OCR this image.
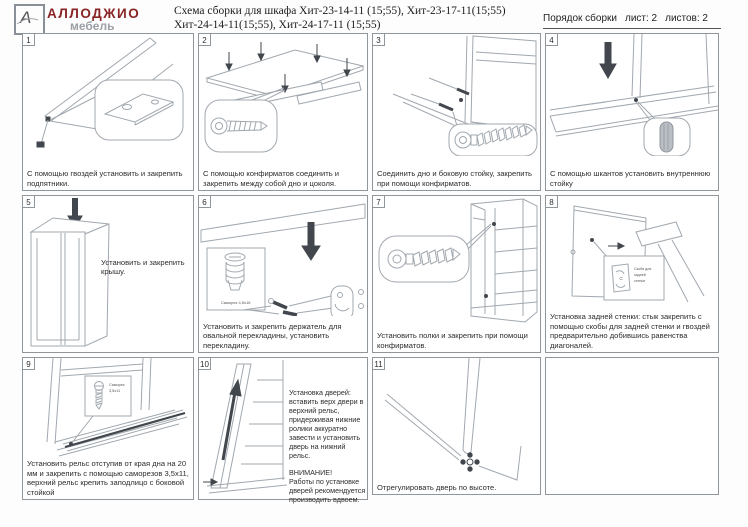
А АЛЛОДЖИО
мебель
Схема сборки для шкафа Хит-23-14-11 (15;55), Хит-23-17-11(15;55)
Хит-24-14-11(15;55), Хит-24-17-11 (15;55)
Порядок сборки лист: 2 листов: 2
1
С помощью гвоздей установить и закрепить подпятники.
2
С помощью конфирматов соединить и закрепить между собой дно и цоколя.
3
Соединить дно и боковую стойку, закрепить при помощи конфирматов.
4
С помощью шкантов установить внутреннюю стойку
5
Установить и закрепить крышу.
6
Саморез 4,5х16
Установить и закрепить держатель для овальной перекладины, установить перекладину.
7
Установить полки и закрепить при помощи конфирматов.
8
⊂
Скоба для
задней
стенки
Установка задней стенки: стык закрепить с помощью скобы для задней стенки и гвоздей предварительно добившись равенства диагоналей.
9
Саморез
3,5х11
Установить рельс отступив от края дна на 20 мм и закрепить с помощью саморезов 3,5х11, верхний рельс крепить заподлицо с боковой стойкой
10
Установка дверей: вставить верх двери в верхний рельс, придерживая нижние ролики аккуратно завести и установить дверь на нижний рельс.
ВНИМАНИЕ!
Работы по установке дверей рекомендуется производить вдвоем.
11
Отрегулировать дверь по высоте.
